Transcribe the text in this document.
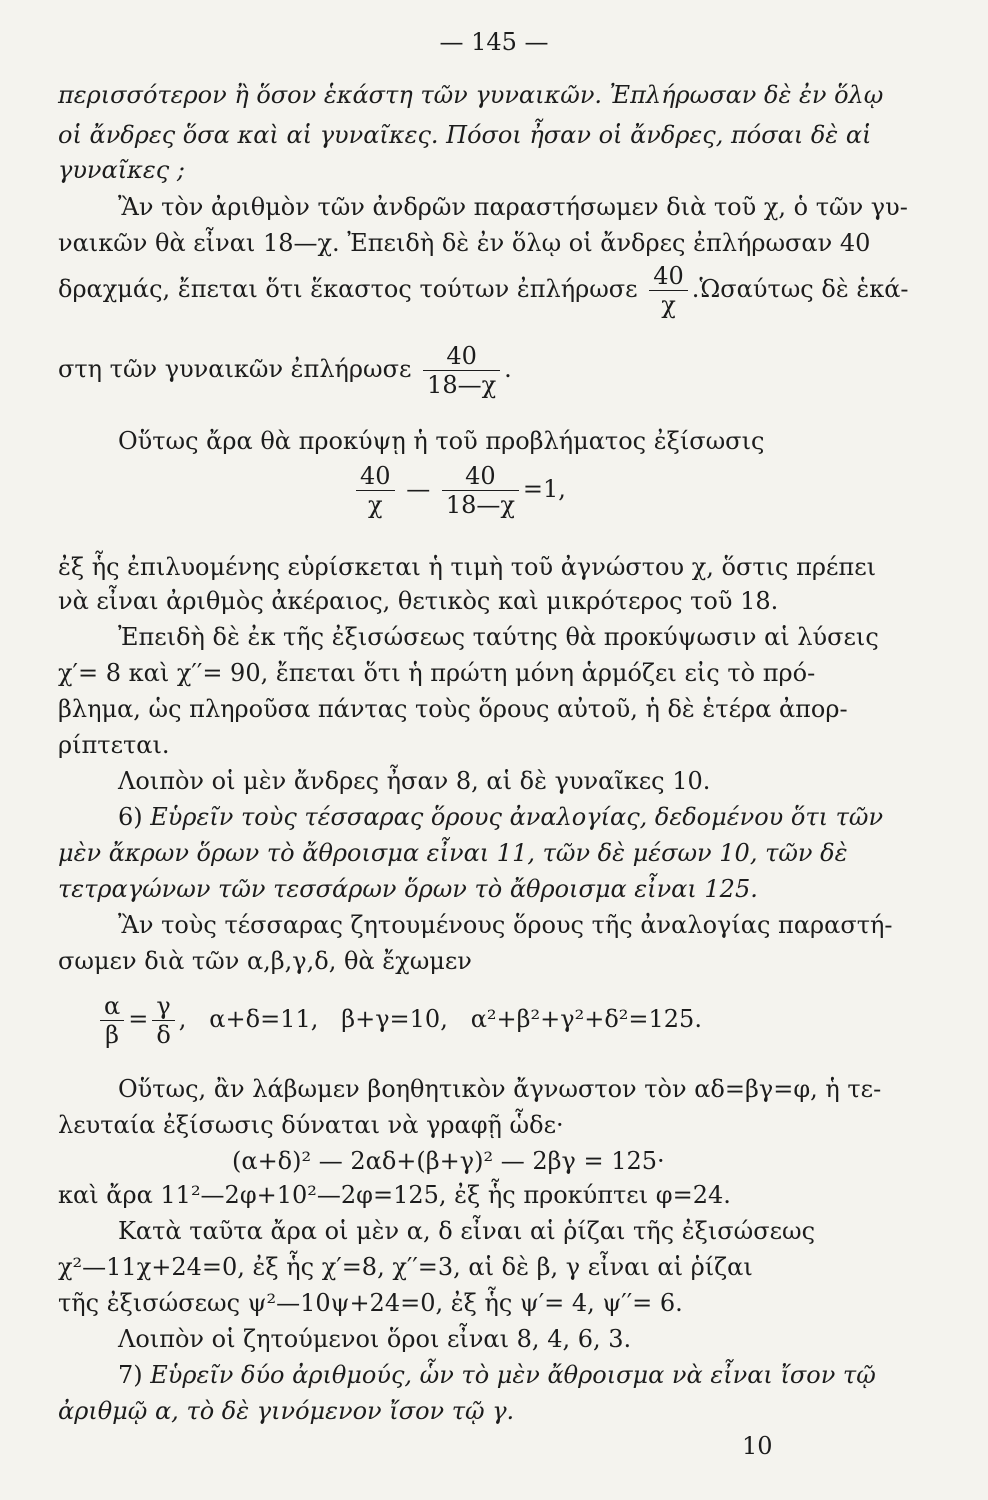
— 145 —
περισσότερον ἢ ὅσον ἑκάστη τῶν γυναικῶν. Ἐπλήρωσαν δὲ ἐν ὅλῳ
οἱ ἄνδρες ὅσα καὶ αἱ γυναῖκες. Πόσοι ἦσαν οἱ ἄνδρες, πόσαι δὲ αἱ
γυναῖκες ;
Ἂν τὸν ἀριθμὸν τῶν ἀνδρῶν παραστήσωμεν διὰ τοῦ χ, ὁ τῶν γυ-
ναικῶν θὰ εἶναι 18—χ. Ἐπειδὴ δὲ ἐν ὅλῳ οἱ ἄνδρες ἐπλήρωσαν 40
δραχμάς, ἔπεται ὅτι ἕκαστος τούτων ἐπλήρωσε $\frac{40}{\chi}$ .Ὡσαύτως δὲ ἑκά-
στη τῶν γυναικῶν ἐπλήρωσε $\frac{40}{18—\chi}$ .
Οὕτως ἄρα θὰ προκύψῃ ἡ τοῦ προβλήματος ἐξίσωσις
$\frac{40}{\chi}$ — $\frac{40}{18—\chi} =1$,
ἐξ ἧς ἐπιλυομένης εὑρίσκεται ἡ τιμὴ τοῦ ἀγνώστου χ, ὅστις πρέπει
νὰ εἶναι ἀριθμὸς ἀκέραιος, θετικὸς καὶ μικρότερος τοῦ 18.
Ἐπειδὴ δὲ ἐκ τῆς ἐξισώσεως ταύτης θὰ προκύψωσιν αἱ λύσεις
χ′= 8 καὶ χ′′= 90, ἔπεται ὅτι ἡ πρώτη μόνη ἁρμόζει εἰς τὸ πρό-
βλημα, ὡς πληροῦσα πάντας τοὺς ὅρους αὐτοῦ, ἡ δὲ ἑτέρα ἀπορ-
ρίπτεται.
Λοιπὸν οἱ μὲν ἄνδρες ἦσαν 8, αἱ δὲ γυναῖκες 10.
6) Εὑρεῖν τοὺς τέσσαρας ὅρους ἀναλογίας, δεδομένου ὅτι τῶν
μὲν ἄκρων ὅρων τὸ ἄθροισμα εἶναι 11, τῶν δὲ μέσων 10, τῶν δὲ
τετραγώνων τῶν τεσσάρων ὅρων τὸ ἄθροισμα εἶναι 125.
Ἂν τοὺς τέσσαρας ζητουμένους ὅρους τῆς ἀναλογίας παραστή-
σωμεν διὰ τῶν α,β,γ,δ, θὰ ἔχωμεν
$\frac{\alpha}{\beta} = \frac{\gamma}{\delta}$ ,   α+δ=11,   β+γ=10,   α²+β²+γ²+δ²=125.
Οὕτως, ἂν λάβωμεν βοηθητικὸν ἄγνωστον τὸν αδ=βγ=φ, ἡ τε-
λευταία ἐξίσωσις δύναται νὰ γραφῇ ὧδε·
(α+δ)² — 2αδ+(β+γ)² — 2βγ = 125·
καὶ ἄρα 11²—2φ+10²—2φ=125, ἐξ ἧς προκύπτει φ=24.
Κατὰ ταῦτα ἄρα οἱ μὲν α, δ εἶναι αἱ ῥίζαι τῆς ἐξισώσεως
χ²—11χ+24=0, ἐξ ἧς χ′=8, χ′′=3, αἱ δὲ β, γ εἶναι αἱ ῥίζαι
τῆς ἐξισώσεως ψ²—10ψ+24=0, ἐξ ἧς ψ′= 4, ψ′′= 6.
Λοιπὸν οἱ ζητούμενοι ὅροι εἶναι 8, 4, 6, 3.
7) Εὑρεῖν δύο ἀριθμούς, ὧν τὸ μὲν ἄθροισμα νὰ εἶναι ἴσον τῷ
ἀριθμῷ α, τὸ δὲ γινόμενον ἴσον τῷ γ.
10
